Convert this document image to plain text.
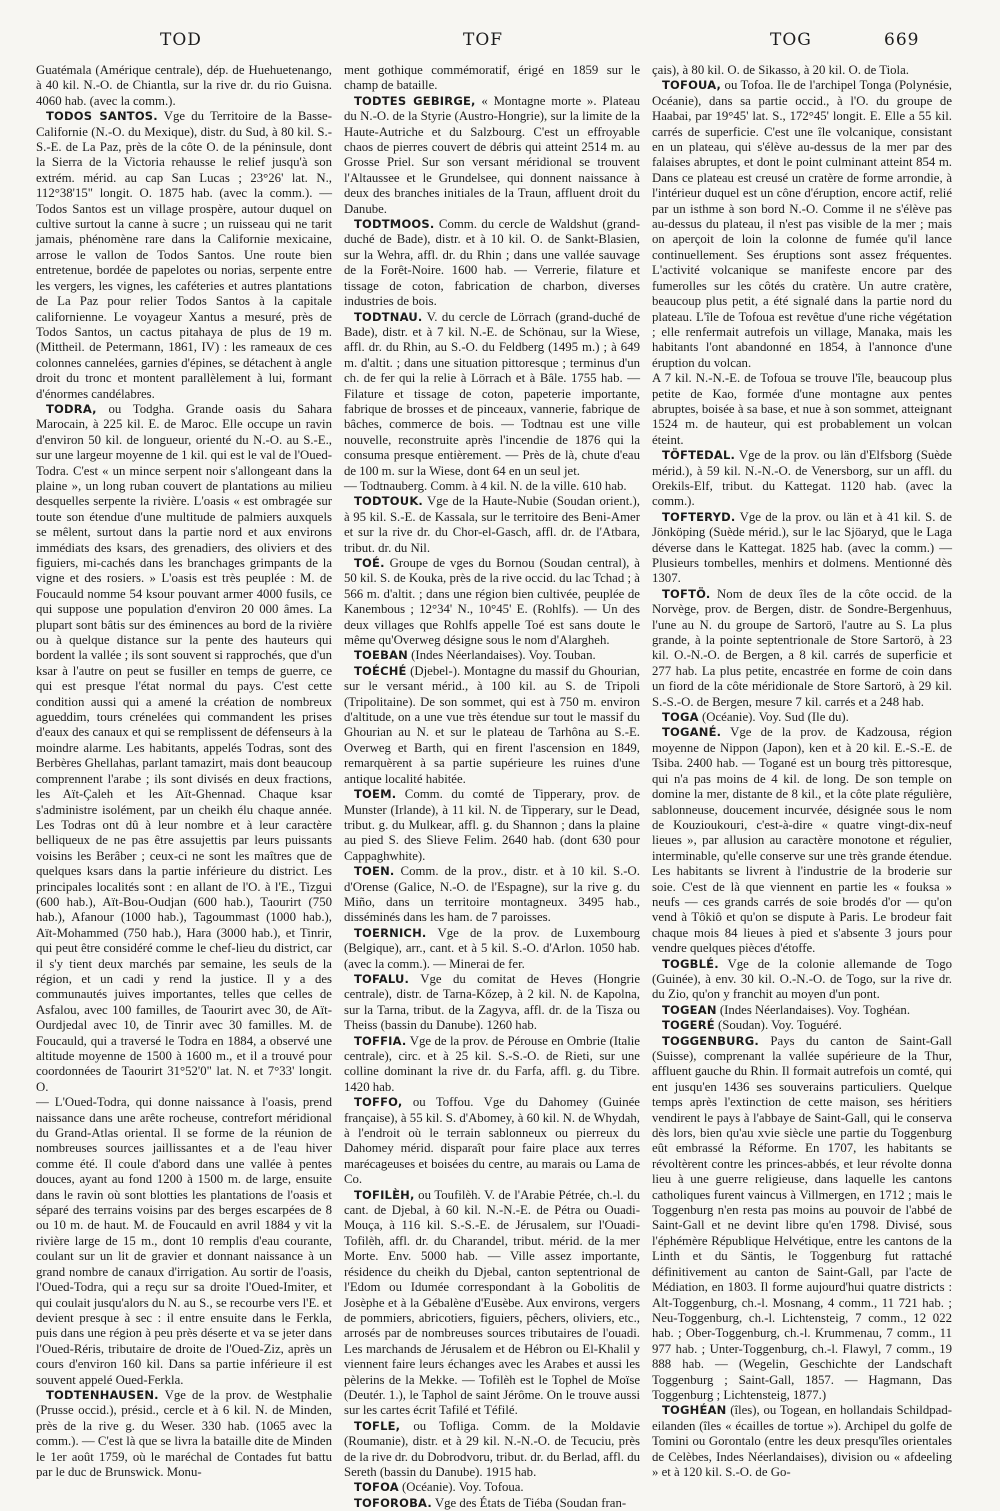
TOD	TOF	TOG	669

Guatémala (Amérique centrale), dép. de Huehuetenango, à 40 kil. N.-O. de Chiantla, sur la rive dr. du rio Guisna. 4060 hab. (avec la comm.).

TODOS SANTOS. Vge du Territoire de la Basse-Californie (N.-O. du Mexique), distr. du Sud, à 80 kil. S.-S.-E. de La Paz, près de la côte O. de la péninsule, dont la Sierra de la Victoria rehausse le relief jusqu'à son extrém. mérid. au cap San Lucas ; 23°26' lat. N., 112°38'15" longit. O. 1875 hab. (avec la comm.). — Todos Santos est un village prospère, autour duquel on cultive surtout la canne à sucre ; un ruisseau qui ne tarit jamais, phénomène rare dans la Californie mexicaine, arrose le vallon de Todos Santos. Une route bien entretenue, bordée de papelotes ou norias, serpente entre les vergers, les vignes, les caféteries et autres plantations de La Paz pour relier Todos Santos à la capitale californienne. Le voyageur Xantus a mesuré, près de Todos Santos, un cactus pitahaya de plus de 19 m. (Mittheil. de Petermann, 1861, IV) : les rameaux de ces colonnes cannelées, garnies d'épines, se détachent à angle droit du tronc et montent parallèlement à lui, formant d'énormes candélabres.

TODRA, ou Todgha. Grande oasis du Sahara Marocain, à 225 kil. E. de Maroc. Elle occupe un ravin d'environ 50 kil. de longueur, orienté du N.-O. au S.-E., sur une largeur moyenne de 1 kil. qui est le val de l'Oued-Todra. C'est « un mince serpent noir s'allongeant dans la plaine », un long ruban couvert de plantations au milieu desquelles serpente la rivière. L'oasis « est ombragée sur toute son étendue d'une multitude de palmiers auxquels se mêlent, surtout dans la partie nord et aux environs immédiats des ksars, des grenadiers, des oliviers et des figuiers, mi-cachés dans les branchages grimpants de la vigne et des rosiers. » L'oasis est très peuplée : M. de Foucauld nomme 54 ksour pouvant armer 4000 fusils, ce qui suppose une population d'environ 20 000 âmes. La plupart sont bâtis sur des éminences au bord de la rivière ou à quelque distance sur la pente des hauteurs qui bordent la vallée ; ils sont souvent si rapprochés, que d'un ksar à l'autre on peut se fusiller en temps de guerre, ce qui est presque l'état normal du pays. C'est cette condition aussi qui a amené la création de nombreux agueddim, tours crénelées qui commandent les prises d'eaux des canaux et qui se remplissent de défenseurs à la moindre alarme. Les habitants, appelés Todras, sont des Berbères Ghellahas, parlant tamazirt, mais dont beaucoup comprennent l'arabe ; ils sont divisés en deux fractions, les Aït-Çaleh et les Aït-Ghennad. Chaque ksar s'administre isolément, par un cheikh élu chaque année. Les Todras ont dû à leur nombre et à leur caractère belliqueux de ne pas être assujettis par leurs puissants voisins les Berâber ; ceux-ci ne sont les maîtres que de quelques ksars dans la partie inférieure du district. Les principales localités sont : en allant de l'O. à l'E., Tizgui (600 hab.), Aït-Bou-Oudjan (600 hab.), Taourirt (750 hab.), Afanour (1000 hab.), Tagoummast (1000 hab.), Aït-Mohammed (750 hab.), Hara (3000 hab.), et Tinrir, qui peut être considéré comme le chef-lieu du district, car il s'y tient deux marchés par semaine, les seuls de la région, et un cadi y rend la justice. Il y a des communautés juives importantes, telles que celles de Asfalou, avec 100 familles, de Taourirt avec 30, de Aït-Ourdjedal avec 10, de Tinrir avec 30 familles. M. de Foucauld, qui a traversé le Todra en 1884, a observé une altitude moyenne de 1500 à 1600 m., et il a trouvé pour coordonnées de Taourirt 31°52'0" lat. N. et 7°33' longit. O.

— L'Oued-Todra, qui donne naissance à l'oasis, prend naissance dans une arête rocheuse, contrefort méridional du Grand-Atlas oriental. Il se forme de la réunion de nombreuses sources jaillissantes et a de l'eau hiver comme été. Il coule d'abord dans une vallée à pentes douces, ayant au fond 1200 à 1500 m. de large, ensuite dans le ravin où sont blotties les plantations de l'oasis et séparé des terrains voisins par des berges escarpées de 8 ou 10 m. de haut. M. de Foucauld en avril 1884 y vit la rivière large de 15 m., dont 10 remplis d'eau courante, coulant sur un lit de gravier et donnant naissance à un grand nombre de canaux d'irrigation. Au sortir de l'oasis, l'Oued-Todra, qui a reçu sur sa droite l'Oued-Imiter, et qui coulait jusqu'alors du N. au S., se recourbe vers l'E. et devient presque à sec : il entre ensuite dans le Ferkla, puis dans une région à peu près déserte et va se jeter dans l'Oued-Réris, tributaire de droite de l'Oued-Ziz, après un cours d'environ 160 kil. Dans sa partie inférieure il est souvent appelé Oued-Ferkla.

TODTENHAUSEN. Vge de la prov. de Westphalie (Prusse occid.), présid., cercle et à 6 kil. N. de Minden, près de la rive g. du Weser. 330 hab. (1065 avec la comm.). — C'est là que se livra la bataille dite de Minden le 1er août 1759, où le maréchal de Contades fut battu par le duc de Brunswick. Monu-

ment gothique commémoratif, érigé en 1859 sur le champ de bataille.

TODTES GEBIRGE, « Montagne morte ». Plateau du N.-O. de la Styrie (Austro-Hongrie), sur la limite de la Haute-Autriche et du Salzbourg. C'est un effroyable chaos de pierres couvert de débris qui atteint 2514 m. au Grosse Priel. Sur son versant méridional se trouvent l'Altaussee et le Grundelsee, qui donnent naissance à deux des branches initiales de la Traun, affluent droit du Danube.

TODTMOOS. Comm. du cercle de Waldshut (grand-duché de Bade), distr. et à 10 kil. O. de Sankt-Blasien, sur la Wehra, affl. dr. du Rhin ; dans une vallée sauvage de la Forêt-Noire. 1600 hab. — Verrerie, filature et tissage de coton, fabrication de charbon, diverses industries de bois.

TODTNAU. V. du cercle de Lörrach (grand-duché de Bade), distr. et à 7 kil. N.-E. de Schönau, sur la Wiese, affl. dr. du Rhin, au S.-O. du Feldberg (1495 m.) ; à 649 m. d'altit. ; dans une situation pittoresque ; terminus d'un ch. de fer qui la relie à Lörrach et à Bâle. 1755 hab. — Filature et tissage de coton, papeterie importante, fabrique de brosses et de pinceaux, vannerie, fabrique de bâches, commerce de bois. — Todtnau est une ville nouvelle, reconstruite après l'incendie de 1876 qui la consuma presque entièrement. — Près de là, chute d'eau de 100 m. sur la Wiese, dont 64 en un seul jet.

— Todtnauberg. Comm. à 4 kil. N. de la ville. 610 hab.

TODTOUK. Vge de la Haute-Nubie (Soudan orient.), à 95 kil. S.-E. de Kassala, sur le territoire des Beni-Amer et sur la rive dr. du Chor-el-Gasch, affl. dr. de l'Atbara, tribut. dr. du Nil.

TOÉ. Groupe de vges du Bornou (Soudan central), à 50 kil. S. de Kouka, près de la rive occid. du lac Tchad ; à 566 m. d'altit. ; dans une région bien cultivée, peuplée de Kanembous ; 12°34' N., 10°45' E. (Rohlfs). — Un des deux villages que Rohlfs appelle Toé est sans doute le même qu'Overweg désigne sous le nom d'Alargheh.

TOEBAN (Indes Néerlandaises). Voy. Touban.

TOÉCHÉ (Djebel-). Montagne du massif du Ghourian, sur le versant mérid., à 100 kil. au S. de Tripoli (Tripolitaine). De son sommet, qui est à 750 m. environ d'altitude, on a une vue très étendue sur tout le massif du Ghourian au N. et sur le plateau de Tarhôna au S.-E. Overweg et Barth, qui en firent l'ascension en 1849, remarquèrent à sa partie supérieure les ruines d'une antique localité habitée.

TOEM. Comm. du comté de Tipperary, prov. de Munster (Irlande), à 11 kil. N. de Tipperary, sur le Dead, tribut. g. du Mulkear, affl. g. du Shannon ; dans la plaine au pied S. des Slieve Felim. 2640 hab. (dont 630 pour Cappaghwhite).

TOEN. Comm. de la prov., distr. et à 10 kil. S.-O. d'Orense (Galice, N.-O. de l'Espagne), sur la rive g. du Miño, dans un territoire montagneux. 3495 hab., disséminés dans les ham. de 7 paroisses.

TOERNICH. Vge de la prov. de Luxembourg (Belgique), arr., cant. et à 5 kil. S.-O. d'Arlon. 1050 hab. (avec la comm.). — Minerai de fer.

TOFALU. Vge du comitat de Heves (Hongrie centrale), distr. de Tarna-Kőzep, à 2 kil. N. de Kapolna, sur la Tarna, tribut. de la Zagyva, affl. dr. de la Tisza ou Theiss (bassin du Danube). 1260 hab.

TOFFIA. Vge de la prov. de Pérouse en Ombrie (Italie centrale), circ. et à 25 kil. S.-S.-O. de Rieti, sur une colline dominant la rive dr. du Farfa, affl. g. du Tibre. 1420 hab.

TOFFO, ou Toffou. Vge du Dahomey (Guinée française), à 55 kil. S. d'Abomey, à 60 kil. N. de Whydah, à l'endroit où le terrain sablonneux ou pierreux du Dahomey mérid. disparaît pour faire place aux terres marécageuses et boisées du centre, au marais ou Lama de Co.

TOFILÈH, ou Toufilèh. V. de l'Arabie Pétrée, ch.-l. du cant. de Djebal, à 60 kil. N.-N.-E. de Pétra ou Ouadi-Mouça, à 116 kil. S.-S.-E. de Jérusalem, sur l'Ouadi-Tofilèh, affl. dr. du Charandel, tribut. mérid. de la mer Morte. Env. 5000 hab. — Ville assez importante, résidence du cheikh du Djebal, canton septentrional de l'Edom ou Idumée correspondant à la Gobolitis de Josèphe et à la Gébalène d'Eusèbe. Aux environs, vergers de pommiers, abricotiers, figuiers, pêchers, oliviers, etc., arrosés par de nombreuses sources tributaires de l'ouadi. Les marchands de Jérusalem et de Hébron ou El-Khalil y viennent faire leurs échanges avec les Arabes et aussi les pèlerins de la Mekke. — Tofilèh est le Tophel de Moïse (Deutér. 1.), le Taphol de saint Jérôme. On le trouve aussi sur les cartes écrit Tafilé et Téfilé.

TOFLE, ou Tofliga. Comm. de la Moldavie (Roumanie), distr. et à 29 kil. N.-N.-O. de Tecuciu, près de la rive dr. du Dobrodvoru, tribut. dr. du Berlad, affl. du Sereth (bassin du Danube). 1915 hab.

TOFOA (Océanie). Voy. Tofoua.

TOFOROBA. Vge des États de Tiéba (Soudan fran-

çais), à 80 kil. O. de Sikasso, à 20 kil. O. de Tiola.

TOFOUA, ou Tofoa. Ile de l'archipel Tonga (Polynésie, Océanie), dans sa partie occid., à l'O. du groupe de Haabai, par 19°45' lat. S., 172°45' longit. E. Elle a 55 kil. carrés de superficie. C'est une île volcanique, consistant en un plateau, qui s'élève au-dessus de la mer par des falaises abruptes, et dont le point culminant atteint 854 m. Dans ce plateau est creusé un cratère de forme arrondie, à l'intérieur duquel est un cône d'éruption, encore actif, relié par un isthme à son bord N.-O. Comme il ne s'élève pas au-dessus du plateau, il n'est pas visible de la mer ; mais on aperçoit de loin la colonne de fumée qu'il lance continuellement. Ses éruptions sont assez fréquentes. L'activité volcanique se manifeste encore par des fumerolles sur les côtés du cratère. Un autre cratère, beaucoup plus petit, a été signalé dans la partie nord du plateau. L'île de Tofoua est revêtue d'une riche végétation ; elle renfermait autrefois un village, Manaka, mais les habitants l'ont abandonné en 1854, à l'annonce d'une éruption du volcan.

A 7 kil. N.-N.-E. de Tofoua se trouve l'île, beaucoup plus petite de Kao, formée d'une montagne aux pentes abruptes, boisée à sa base, et nue à son sommet, atteignant 1524 m. de hauteur, qui est probablement un volcan éteint.

TÖFTEDAL. Vge de la prov. ou län d'Elfsborg (Suède mérid.), à 59 kil. N.-N.-O. de Venersborg, sur un affl. du Orekils-Elf, tribut. du Kattegat. 1120 hab. (avec la comm.).

TOFTERYD. Vge de la prov. ou län et à 41 kil. S. de Jönköping (Suède mérid.), sur le lac Sjöaryd, que le Laga déverse dans le Kattegat. 1825 hab. (avec la comm.) — Plusieurs tombelles, menhirs et dolmens. Mentionné dès 1307.

TOFTÖ. Nom de deux îles de la côte occid. de la Norvège, prov. de Bergen, distr. de Sondre-Bergenhuus, l'une au N. du groupe de Sartorö, l'autre au S. La plus grande, à la pointe septentrionale de Store Sartorö, à 23 kil. O.-N.-O. de Bergen, a 8 kil. carrés de superficie et 277 hab. La plus petite, encastrée en forme de coin dans un fiord de la côte méridionale de Store Sartorö, à 29 kil. S.-S.-O. de Bergen, mesure 7 kil. carrés et a 248 hab.

TOGA (Océanie). Voy. Sud (Ile du).

TOGANÉ. Vge de la prov. de Kadzousa, région moyenne de Nippon (Japon), ken et à 20 kil. E.-S.-E. de Tsiba. 2400 hab. — Togané est un bourg très pittoresque, qui n'a pas moins de 4 kil. de long. De son temple on domine la mer, distante de 8 kil., et la côte plate régulière, sablonneuse, doucement incurvée, désignée sous le nom de Kouzioukouri, c'est-à-dire « quatre vingt-dix-neuf lieues », par allusion au caractère monotone et régulier, interminable, qu'elle conserve sur une très grande étendue. Les habitants se livrent à l'industrie de la broderie sur soie. C'est de là que viennent en partie les « fouksa » neufs — ces grands carrés de soie brodés d'or — qu'on vend à Tôkiô et qu'on se dispute à Paris. Le brodeur fait chaque mois 84 lieues à pied et s'absente 3 jours pour vendre quelques pièces d'étoffe.

TOGBLÉ. Vge de la colonie allemande de Togo (Guinée), à env. 30 kil. O.-N.-O. de Togo, sur la rive dr. du Zio, qu'on y franchit au moyen d'un pont.

TOGEAN (Indes Néerlandaises). Voy. Toghéan.

TOGERÉ (Soudan). Voy. Toguéré.

TOGGENBURG. Pays du canton de Saint-Gall (Suisse), comprenant la vallée supérieure de la Thur, affluent gauche du Rhin. Il formait autrefois un comté, qui ent jusqu'en 1436 ses souverains particuliers. Quelque temps après l'extinction de cette maison, ses héritiers vendirent le pays à l'abbaye de Saint-Gall, qui le conserva dès lors, bien qu'au xvie siècle une partie du Toggenburg eût embrassé la Réforme. En 1707, les habitants se révoltèrent contre les princes-abbés, et leur révolte donna lieu à une guerre religieuse, dans laquelle les cantons catholiques furent vaincus à Villmergen, en 1712 ; mais le Toggenburg n'en resta pas moins au pouvoir de l'abbé de Saint-Gall et ne devint libre qu'en 1798. Divisé, sous l'éphémère République Helvétique, entre les cantons de la Linth et du Säntis, le Toggenburg fut rattaché définitivement au canton de Saint-Gall, par l'acte de Médiation, en 1803. Il forme aujourd'hui quatre districts : Alt-Toggenburg, ch.-l. Mosnang, 4 comm., 11 721 hab. ; Neu-Toggenburg, ch.-l. Lichtensteig, 7 comm., 12 022 hab. ; Ober-Toggenburg, ch.-l. Krummenau, 7 comm., 11 977 hab. ; Unter-Toggenburg, ch.-l. Flawyl, 7 comm., 19 888 hab. — (Wegelin, Geschichte der Landschaft Toggenburg ; Saint-Gall, 1857. — Hagmann, Das Toggenburg ; Lichtensteig, 1877.)

TOGHÉAN (îles), ou Togean, en hollandais Schildpad-eilanden (îles « écailles de tortue »). Archipel du golfe de Tomini ou Gorontalo (entre les deux presqu'îles orientales de Celèbes, Indes Néerlandaises), division ou « afdeeling » et à 120 kil. S.-O. de Go-
